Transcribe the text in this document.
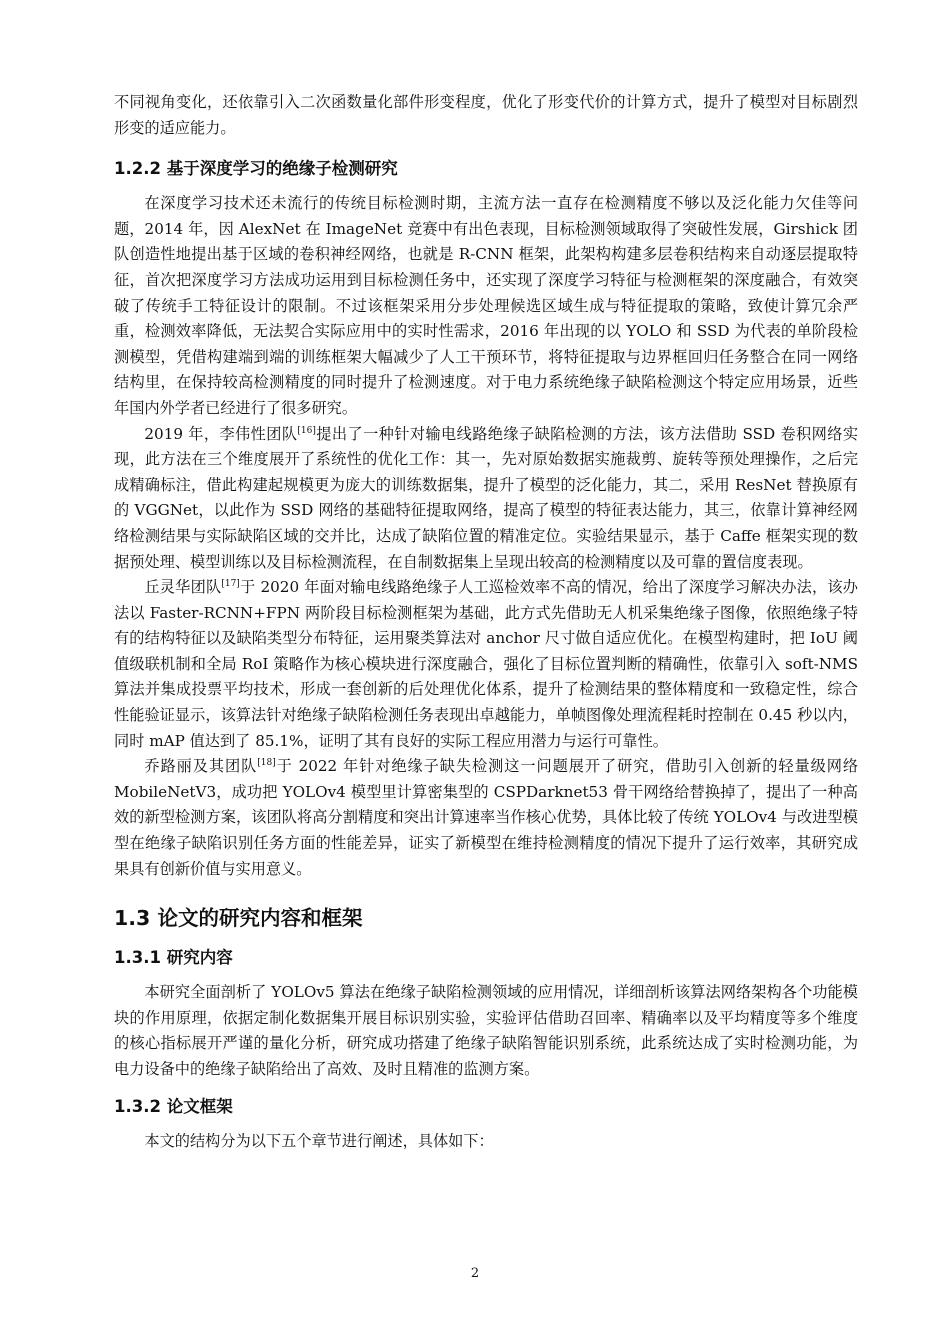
不同视角变化，还依靠引入二次函数量化部件形变程度，优化了形变代价的计算方式，提升了模型对目标剧烈形变的适应能力。

1.2.2 基于深度学习的绝缘子检测研究

在深度学习技术还未流行的传统目标检测时期，主流方法一直存在检测精度不够以及泛化能力欠佳等问题，2014 年，因 AlexNet 在 ImageNet 竞赛中有出色表现，目标检测领域取得了突破性发展，Girshick 团队创造性地提出基于区域的卷积神经网络，也就是 R-CNN 框架，此架构构建多层卷积结构来自动逐层提取特征，首次把深度学习方法成功运用到目标检测任务中，还实现了深度学习特征与检测框架的深度融合，有效突破了传统手工特征设计的限制。不过该框架采用分步处理候选区域生成与特征提取的策略，致使计算冗余严重，检测效率降低，无法契合实际应用中的实时性需求，2016 年出现的以 YOLO 和 SSD 为代表的单阶段检测模型，凭借构建端到端的训练框架大幅减少了人工干预环节，将特征提取与边界框回归任务整合在同一网络结构里，在保持较高检测精度的同时提升了检测速度。对于电力系统绝缘子缺陷检测这个特定应用场景，近些年国内外学者已经进行了很多研究。

2019 年，李伟性团队[16]提出了一种针对输电线路绝缘子缺陷检测的方法，该方法借助 SSD 卷积网络实现，此方法在三个维度展开了系统性的优化工作：其一，先对原始数据实施裁剪、旋转等预处理操作，之后完成精确标注，借此构建起规模更为庞大的训练数据集，提升了模型的泛化能力，其二，采用 ResNet 替换原有的 VGGNet，以此作为 SSD 网络的基础特征提取网络，提高了模型的特征表达能力，其三，依靠计算神经网络检测结果与实际缺陷区域的交并比，达成了缺陷位置的精准定位。实验结果显示，基于 Caffe 框架实现的数据预处理、模型训练以及目标检测流程，在自制数据集上呈现出较高的检测精度以及可靠的置信度表现。

丘灵华团队[17]于 2020 年面对输电线路绝缘子人工巡检效率不高的情况，给出了深度学习解决办法，该办法以 Faster-RCNN+FPN 两阶段目标检测框架为基础，此方式先借助无人机采集绝缘子图像，依照绝缘子特有的结构特征以及缺陷类型分布特征，运用聚类算法对 anchor 尺寸做自适应优化。在模型构建时，把 IoU 阈值级联机制和全局 RoI 策略作为核心模块进行深度融合，强化了目标位置判断的精确性，依靠引入 soft-NMS 算法并集成投票平均技术，形成一套创新的后处理优化体系，提升了检测结果的整体精度和一致稳定性，综合性能验证显示，该算法针对绝缘子缺陷检测任务表现出卓越能力，单帧图像处理流程耗时控制在 0.45 秒以内，同时 mAP 值达到了 85.1%，证明了其有良好的实际工程应用潜力与运行可靠性。

乔路丽及其团队[18]于 2022 年针对绝缘子缺失检测这一问题展开了研究，借助引入创新的轻量级网络 MobileNetV3，成功把 YOLOv4 模型里计算密集型的 CSPDarknet53 骨干网络给替换掉了，提出了一种高效的新型检测方案，该团队将高分割精度和突出计算速率当作核心优势，具体比较了传统 YOLOv4 与改进型模型在绝缘子缺陷识别任务方面的性能差异，证实了新模型在维持检测精度的情况下提升了运行效率，其研究成果具有创新价值与实用意义。

1.3 论文的研究内容和框架
1.3.1 研究内容

本研究全面剖析了 YOLOv5 算法在绝缘子缺陷检测领域的应用情况，详细剖析该算法网络架构各个功能模块的作用原理，依据定制化数据集开展目标识别实验，实验评估借助召回率、精确率以及平均精度等多个维度的核心指标展开严谨的量化分析，研究成功搭建了绝缘子缺陷智能识别系统，此系统达成了实时检测功能，为电力设备中的绝缘子缺陷给出了高效、及时且精准的监测方案。

1.3.2 论文框架

本文的结构分为以下五个章节进行阐述，具体如下：

2
